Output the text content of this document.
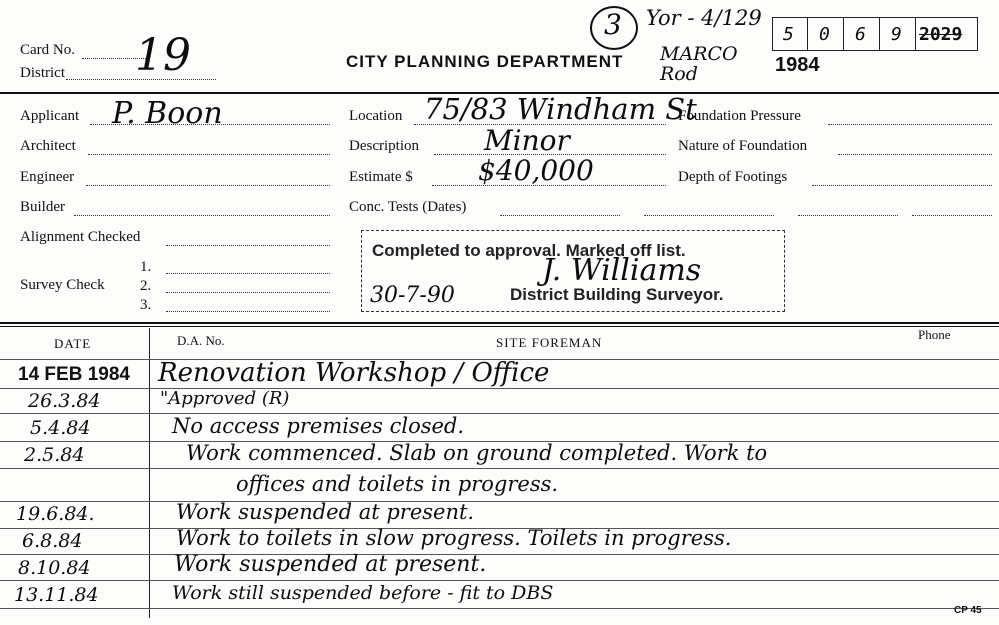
Card No. 19
District
CITY PLANNING DEPARTMENT
3 Yor - 4/129
5 0 6 9 2029
MARCO Rod	1984
Applicant P. Boon
Architect
Engineer
Builder
Alignment Checked
Survey Check
1.
2.
3.
Location 75/83 Windham St
Description Minor
Estimate $ $40,000
Conc. Tests (Dates)
Foundation Pressure
Nature of Foundation
Depth of Footings
Completed to approval. Marked off list.
J. Williams
30-7-90	District Building Surveyor.
DATE	D.A. No.	SITE FOREMAN
Phone
14 FEB 1984 Renovation Workshop / Office
26.3.84	"Approved (R)
5.4.84	No access premises closed.
2.5.84	Work commenced. Slab on ground completed. Work to
offices and toilets in progress.
19.6.84.	Work suspended at present.
6.8.84	Work to toilets in slow progress. Toilets in progress.
8.10.84	Work suspended at present.
13.11.84	Work still suspended before - fit to DBS
CP 45
